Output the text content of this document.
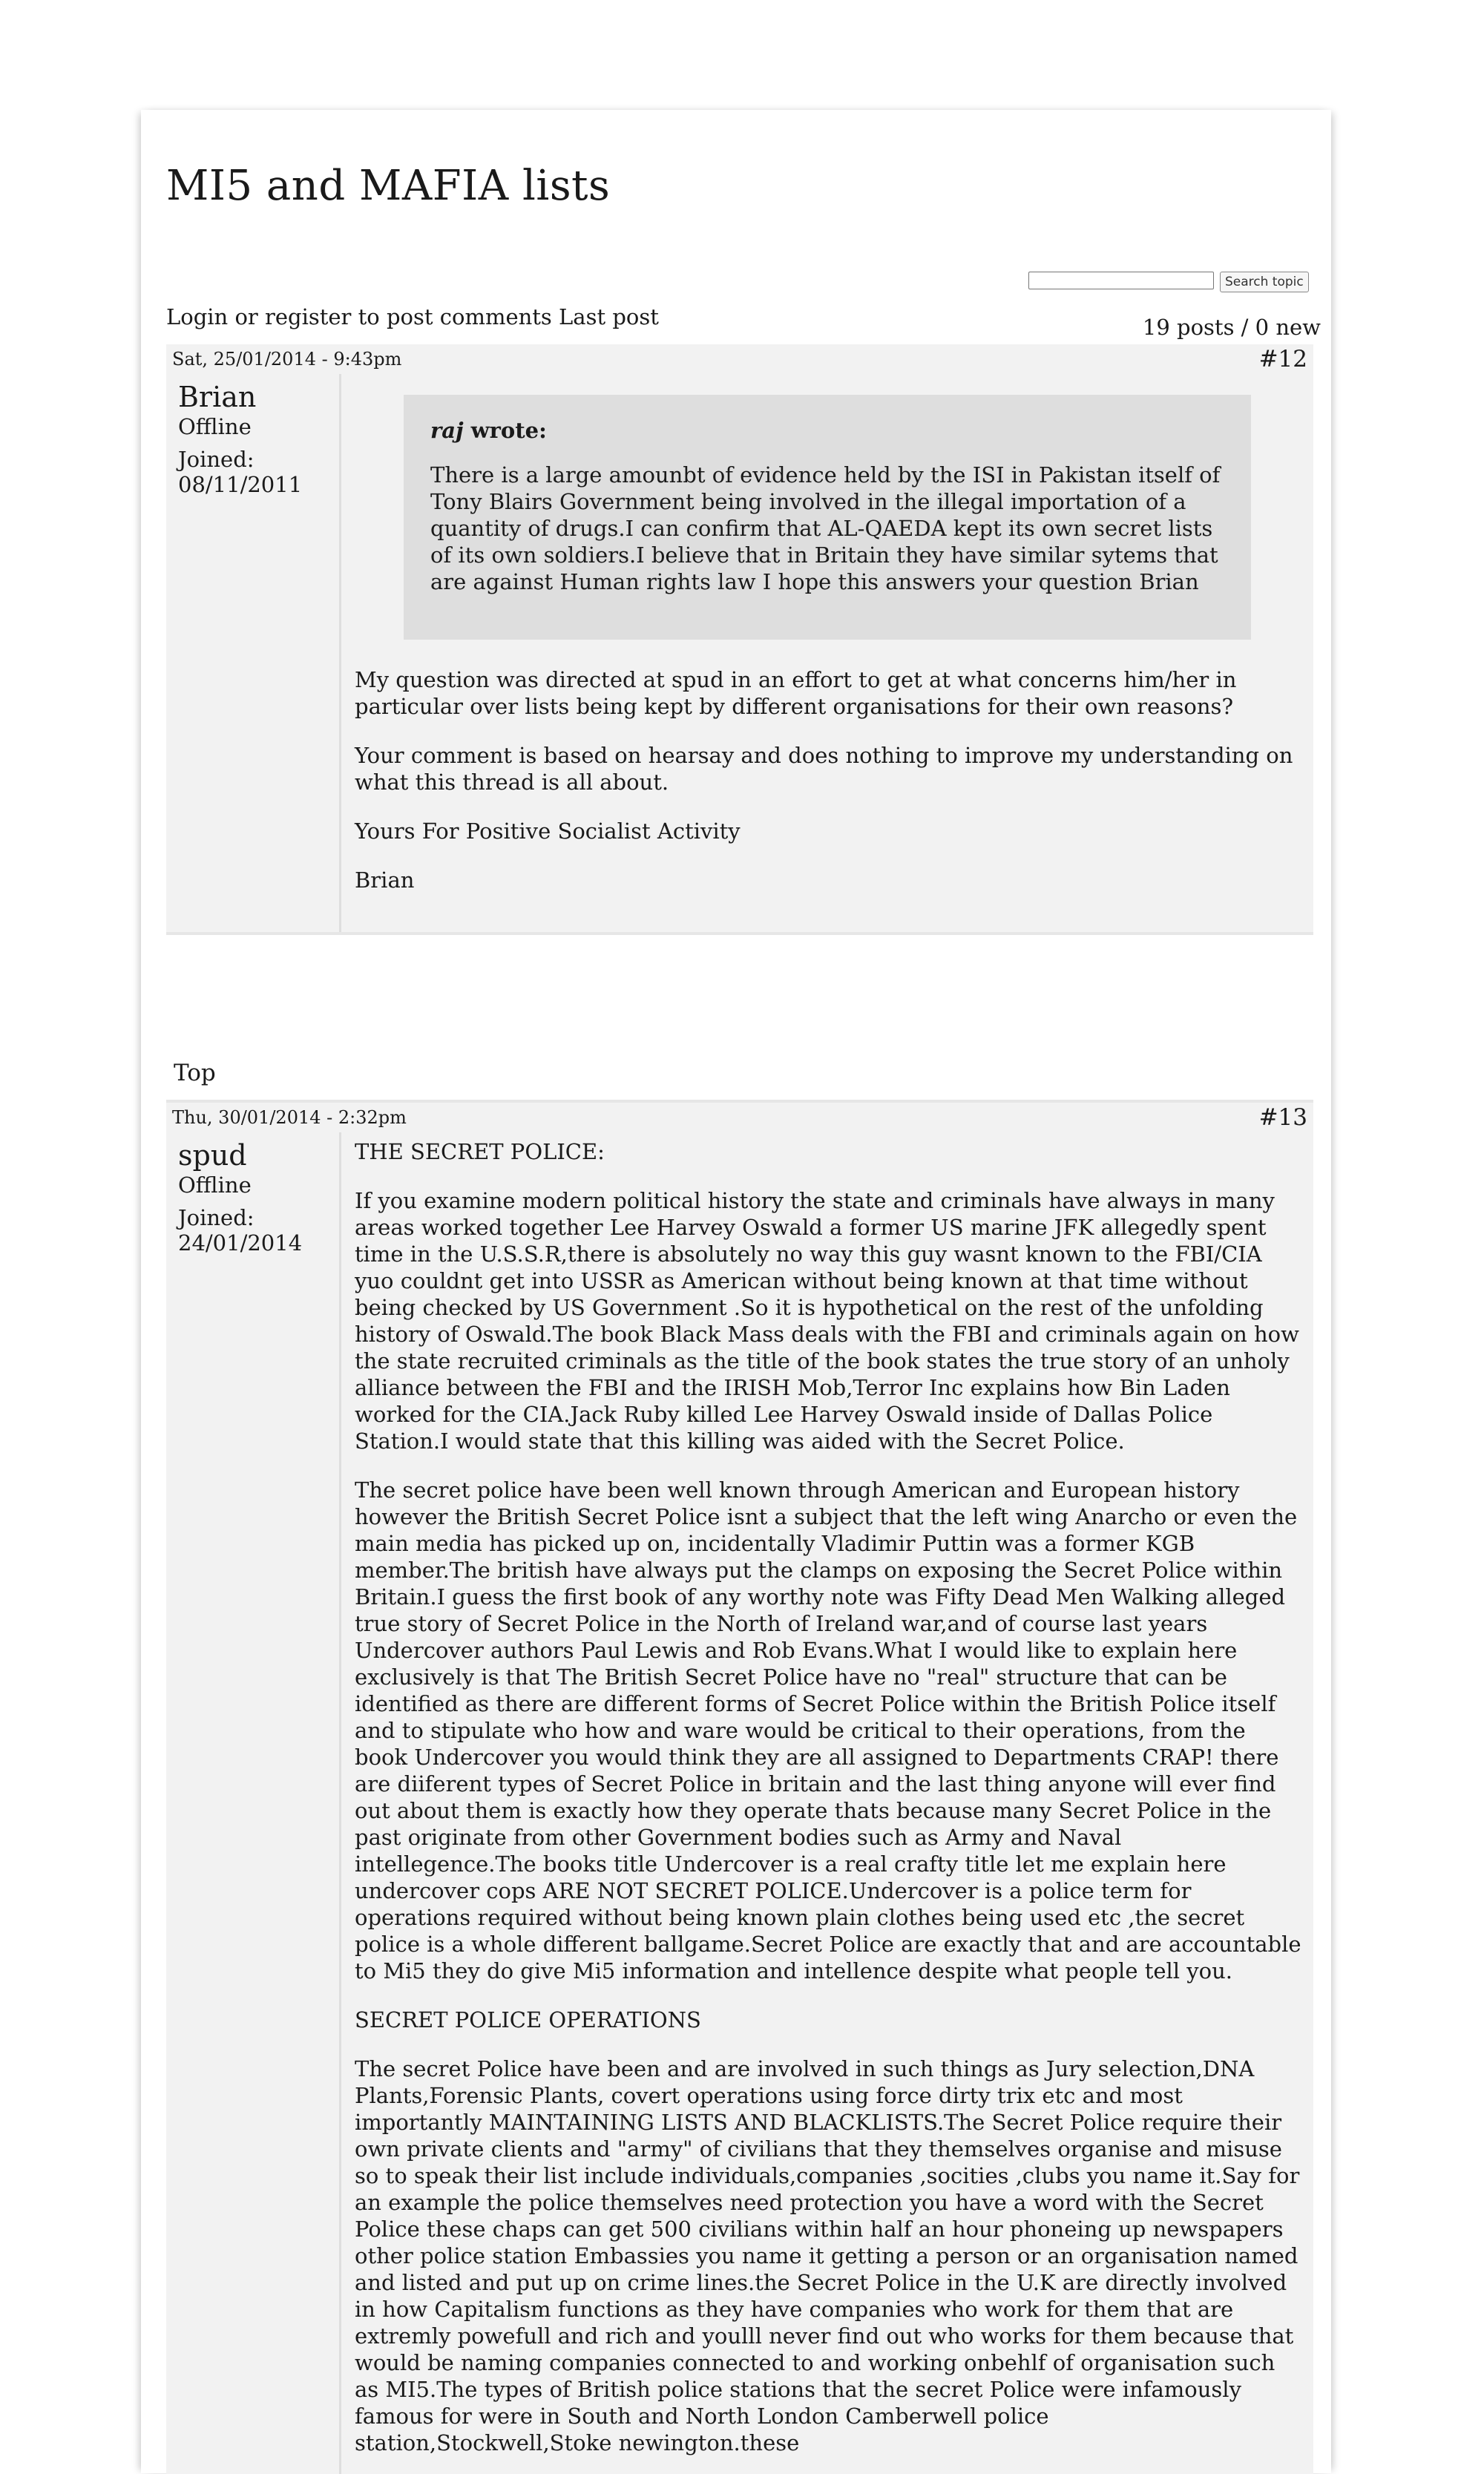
MI5 and MAFIA lists
Search topic
Login or register to post comments Last post	19 posts / 0 new
Sat, 25/01/2014 - 9:43pm	#12
Brian
Offline
Joined:
08/11/2011
raj wrote:
There is a large amounbt of evidence held by the ISI in Pakistan itself of Tony Blairs Government being involved in the illegal importation of a quantity of drugs.I can confirm that AL-QAEDA kept its own secret lists of its own soldiers.I believe that in Britain they have similar sytems that are against Human rights law I hope this answers your question Brian

My question was directed at spud in an effort to get at what concerns him/her in particular over lists being kept by different organisations for their own reasons?

Your comment is based on hearsay and does nothing to improve my understanding on what this thread is all about.

Yours For Positive Socialist Activity

Brian

Top
Thu, 30/01/2014 - 2:32pm	#13
spud
Offline
Joined:
24/01/2014

THE SECRET POLICE:

If you examine modern political history the state and criminals have always in many areas worked together Lee Harvey Oswald a former US marine JFK allegedly spent time in the U.S.S.R,there is absolutely no way this guy wasnt known to the FBI/CIA yuo couldnt get into USSR as American without being known at that time without being checked by US Government .So it is hypothetical on the rest of the unfolding history of Oswald.The book Black Mass deals with the FBI and criminals again on how the state recruited criminals as the title of the book states the true story of an unholy alliance between the FBI and the IRISH Mob,Terror Inc explains how Bin Laden worked for the CIA.Jack Ruby killed Lee Harvey Oswald inside of Dallas Police Station.I would state that this killing was aided with the Secret Police.

The secret police have been well known through American and European history however the British Secret Police isnt a subject that the left wing Anarcho or even the main media has picked up on, incidentally Vladimir Puttin was a former KGB member.The british have always put the clamps on exposing the Secret Police within Britain.I guess the first book of any worthy note was Fifty Dead Men Walking alleged true story of Secret Police in the North of Ireland war,and of course last years Undercover authors Paul Lewis and Rob Evans.What I would like to explain here exclusively is that The British Secret Police have no "real" structure that can be identified as there are different forms of Secret Police within the British Police itself and to stipulate who how and ware would be critical to their operations, from the book Undercover you would think they are all assigned to Departments CRAP! there are diiferent types of Secret Police in britain and the last thing anyone will ever find out about them is exactly how they operate thats because many Secret Police in the past originate from other Government bodies such as Army and Naval intellegence.The books title Undercover is a real crafty title let me explain here undercover cops ARE NOT SECRET POLICE.Undercover is a police term for operations required without being known plain clothes being used etc ,the secret police is a whole different ballgame.Secret Police are exactly that and are accountable to Mi5 they do give Mi5 information and intellence despite what people tell you.

SECRET POLICE OPERATIONS

The secret Police have been and are involved in such things as Jury selection,DNA Plants,Forensic Plants, covert operations using force dirty trix etc and most importantly MAINTAINING LISTS AND BLACKLISTS.The Secret Police require their own private clients and "army" of civilians that they themselves organise and misuse so to speak their list include individuals,companies ,socities ,clubs you name it.Say for an example the police themselves need protection you have a word with the Secret Police these chaps can get 500 civilians within half an hour phoneing up newspapers other police station Embassies you name it getting a person or an organisation named and listed and put up on crime lines.the Secret Police in the U.K are directly involved in how Capitalism functions as they have companies who work for them that are extremly powefull and rich and youlll never find out who works for them because that would be naming companies connected to and working onbehlf of organisation such as MI5.The types of British police stations that the secret Police were infamously famous for were in South and North London Camberwell police station,Stockwell,Stoke newington.these
